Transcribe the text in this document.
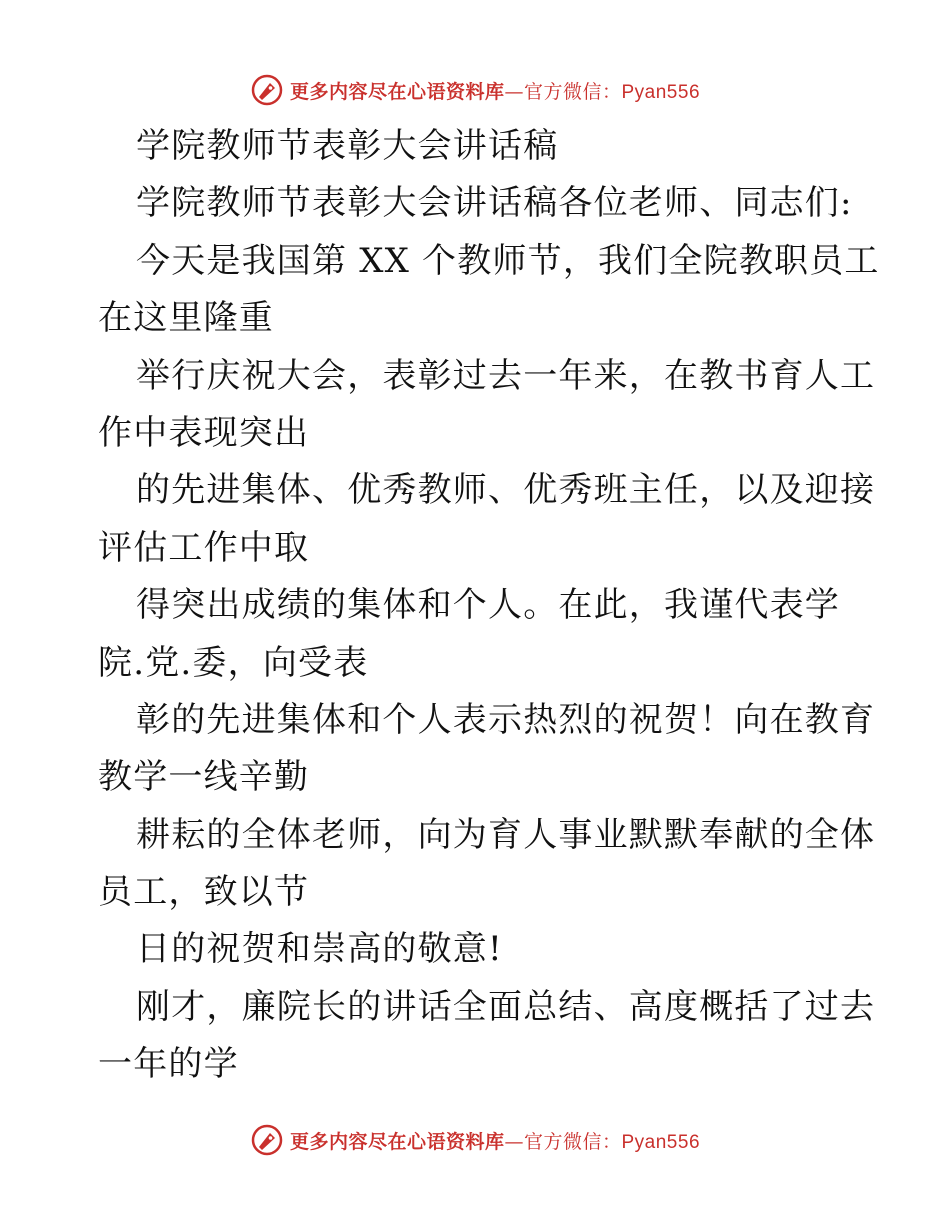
更多内容尽在心语资料库—官方微信：Pyan556
学院教师节表彰大会讲话稿
学院教师节表彰大会讲话稿各位老师、同志们:
今天是我国第 XX 个教师节，我们全院教职员工
在这里隆重
举行庆祝大会，表彰过去一年来，在教书育人工
作中表现突出
的先进集体、优秀教师、优秀班主任，以及迎接
评估工作中取
得突出成绩的集体和个人。在此，我谨代表学
院.党.委，向受表
彰的先进集体和个人表示热烈的祝贺！向在教育
教学一线辛勤
耕耘的全体老师，向为育人事业默默奉献的全体
员工，致以节
日的祝贺和崇高的敬意!
刚才，廉院长的讲话全面总结、高度概括了过去
一年的学
更多内容尽在心语资料库—官方微信：Pyan556
